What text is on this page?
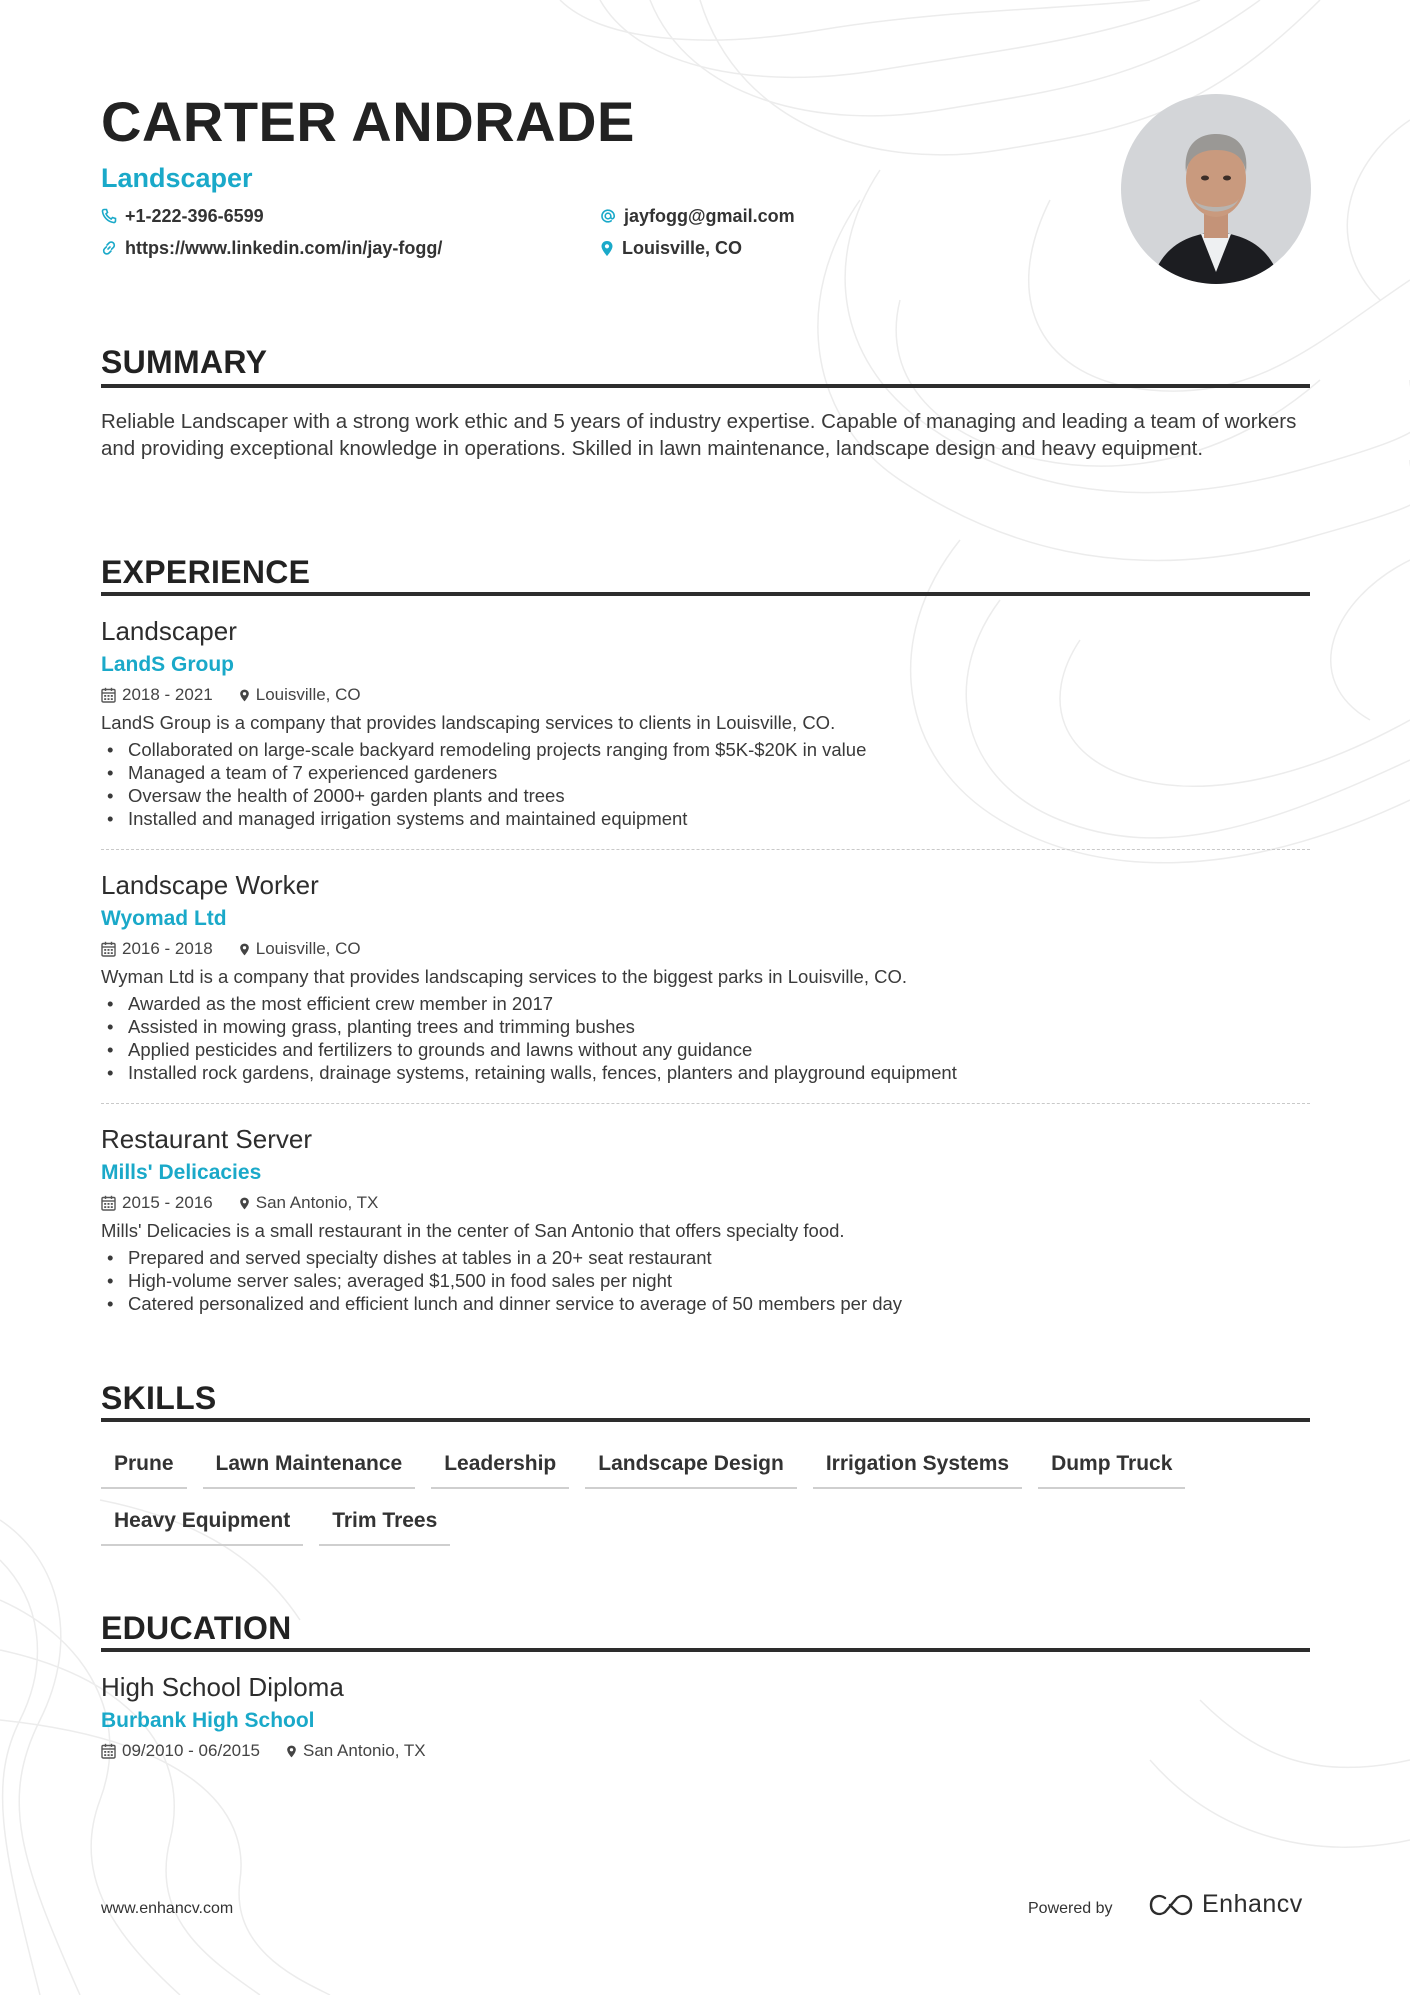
CARTER ANDRADE
Landscaper
+1-222-396-6599
https://www.linkedin.com/in/jay-fogg/
jayfogg@gmail.com
Louisville, CO
SUMMARY

Reliable Landscaper with a strong work ethic and 5 years of industry expertise. Capable of managing and leading a team of workers and providing exceptional knowledge in operations. Skilled in lawn maintenance, landscape design and heavy equipment.

EXPERIENCE
Landscaper
LandS Group
2018 - 2021	Louisville, CO
LandS Group is a company that provides landscaping services to clients in Louisville, CO.
• Collaborated on large-scale backyard remodeling projects ranging from $5K-$20K in value
• Managed a team of 7 experienced gardeners
• Oversaw the health of 2000+ garden plants and trees
• Installed and managed irrigation systems and maintained equipment
Landscape Worker
Wyomad Ltd
2016 - 2018	Louisville, CO
Wyman Ltd is a company that provides landscaping services to the biggest parks in Louisville, CO.
• Awarded as the most efficient crew member in 2017
• Assisted in mowing grass, planting trees and trimming bushes
• Applied pesticides and fertilizers to grounds and lawns without any guidance
• Installed rock gardens, drainage systems, retaining walls, fences, planters and playground equipment
Restaurant Server
Mills' Delicacies
2015 - 2016	San Antonio, TX
Mills' Delicacies is a small restaurant in the center of San Antonio that offers specialty food.
• Prepared and served specialty dishes at tables in a 20+ seat restaurant
• High-volume server sales; averaged $1,500 in food sales per night
• Catered personalized and efficient lunch and dinner service to average of 50 members per day
SKILLS
Prune	Lawn Maintenance	Leadership	Landscape Design	Irrigation Systems	Dump Truck
Heavy Equipment	Trim Trees
EDUCATION
High School Diploma
Burbank High School
09/2010 - 06/2015	San Antonio, TX
www.enhancv.com	Powered by	Enhancv
